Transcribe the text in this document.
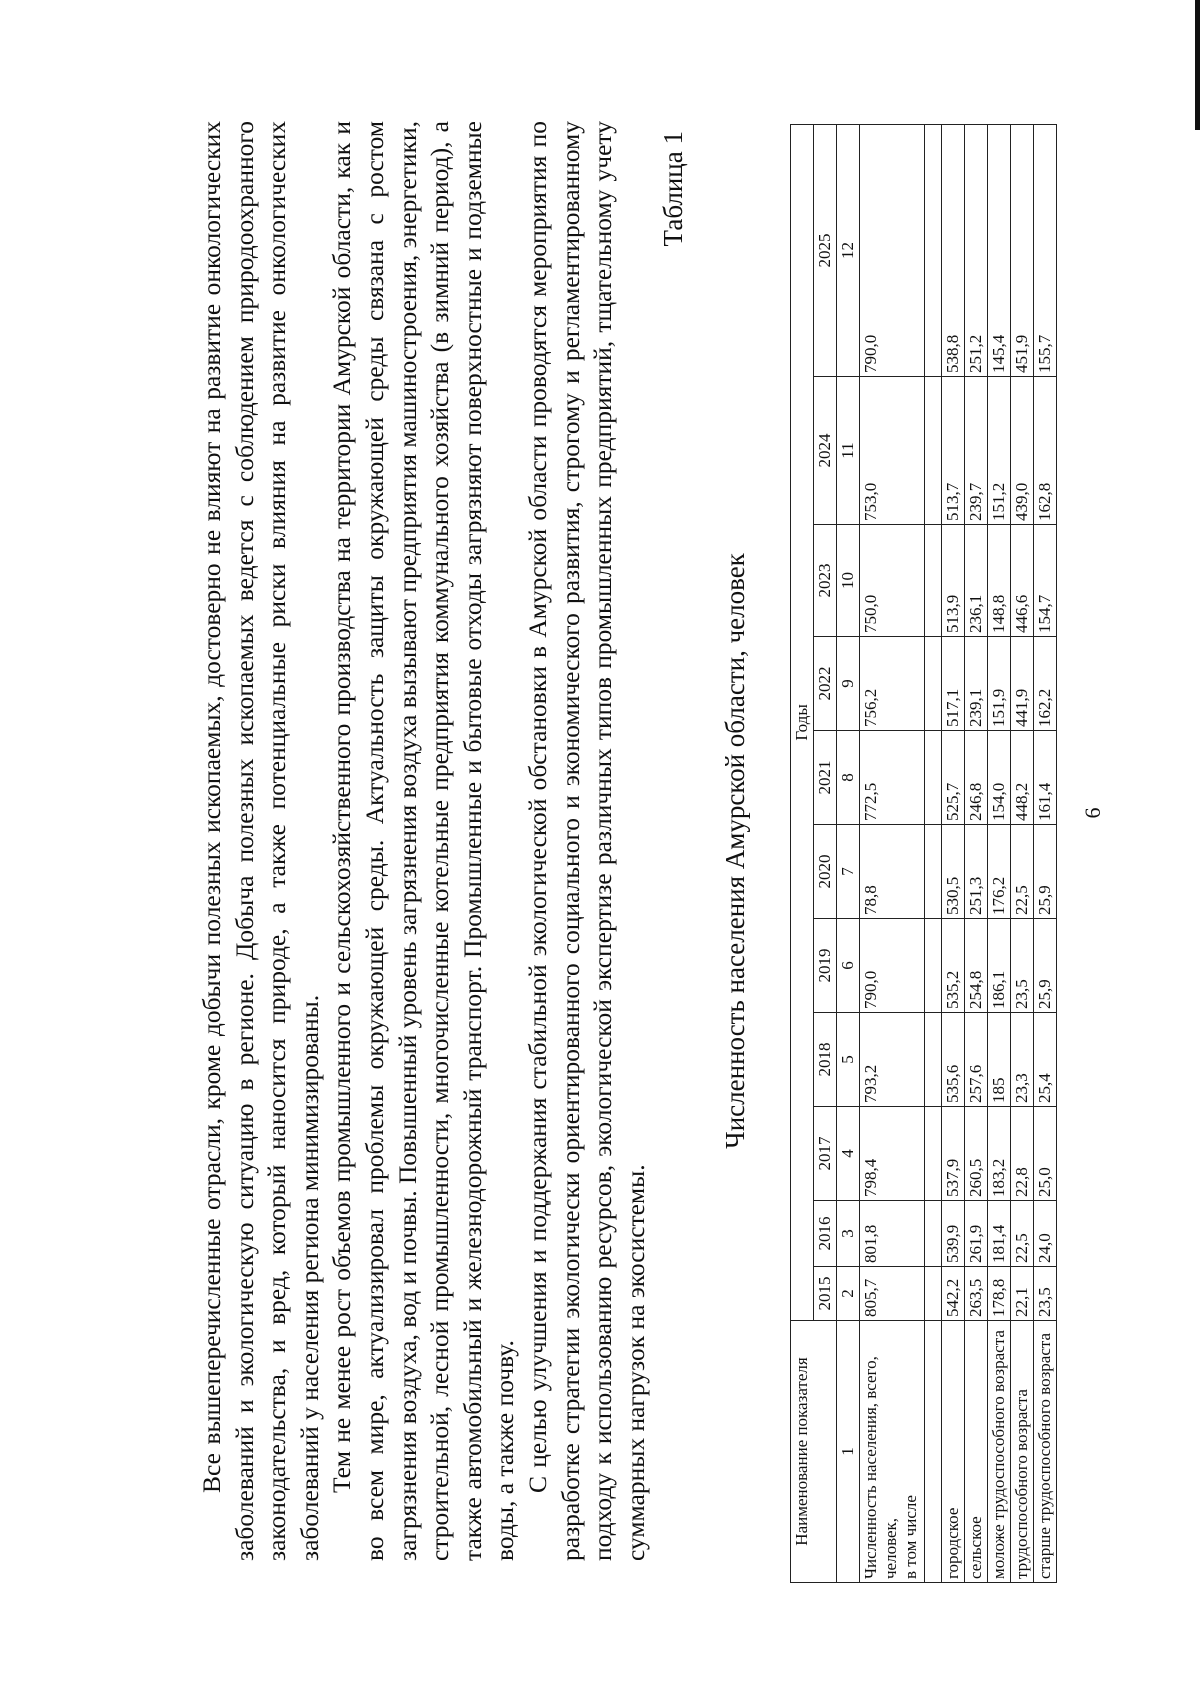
6

Все вышеперечисленные отрасли, кроме добычи полезных ископаемых, достоверно не влияют на развитие онкологических заболеваний и экологическую ситуацию в регионе. Добыча полезных ископаемых ведется с соблюдением природоохранного законодательства, и вред, который наносится природе, а также потенциальные риски влияния на развитие онкологических заболеваний у населения региона минимизированы. Тем не менее рост объемов промышленного и сельскохозяйственного производства на территории Амурской области, как и во всем мире, актуализировал проблемы окружающей среды. Актуальность защиты окружающей среды связана с ростом загрязнения воздуха, вод и почвы. Повышенный уровень загрязнения воздуха вызывают предприятия машиностроения, энергетики, строительной, лесной промышленности, многочисленные котельные предприятия коммунального хозяйства (в зимний период), а также автомобильный и железнодорожный транспорт. Промышленные и бытовые отходы загрязняют поверхностные и подземные воды, а также почву. С целью улучшения и поддержания стабильной экологической обстановки в Амурской области проводятся мероприятия по разработке стратегии экологически ориентированного социального и экономического развития, строгому и регламентированному подходу к использованию ресурсов, экологической экспертизе различных типов промышленных предприятий, тщательному учету суммарных нагрузок на экосистемы.

Таблица 1
Численность населения Амурской области, человек
Наименование показателя	Годы										
	2015	2016	2017	2018	2019	2020	2021	2022	2023	2024	2025
1	2	3	4	5	6	7	8	9	10	11	12

Численность населения, всего, человек, в том числе	805,7	801,8	798,4	793,2	790,0	78,8	772,5	756,2	750,0	753,0	790,0

городское	542,2	539,9	537,9	535,6	535,2	530,5	525,7	517,1	513,9	513,7	538,8
сельское	263,5	261,9	260,5	257,6	254,8	251,3	246,8	239,1	236,1	239,7	251,2
моложе трудоспособного возраста	178,8	181,4	183,2	185	186,1	176,2	154,0	151,9	148,8	151,2	145,4
трудоспособного возраста	22,1	22,5	22,8	23,3	23,5	22,5	448,2	441,9	446,6	439,0	451,9
старше трудоспособного возраста	23,5	24,0	25,0	25,4	25,9	25,9	161,4	162,2	154,7	162,8	155,7
